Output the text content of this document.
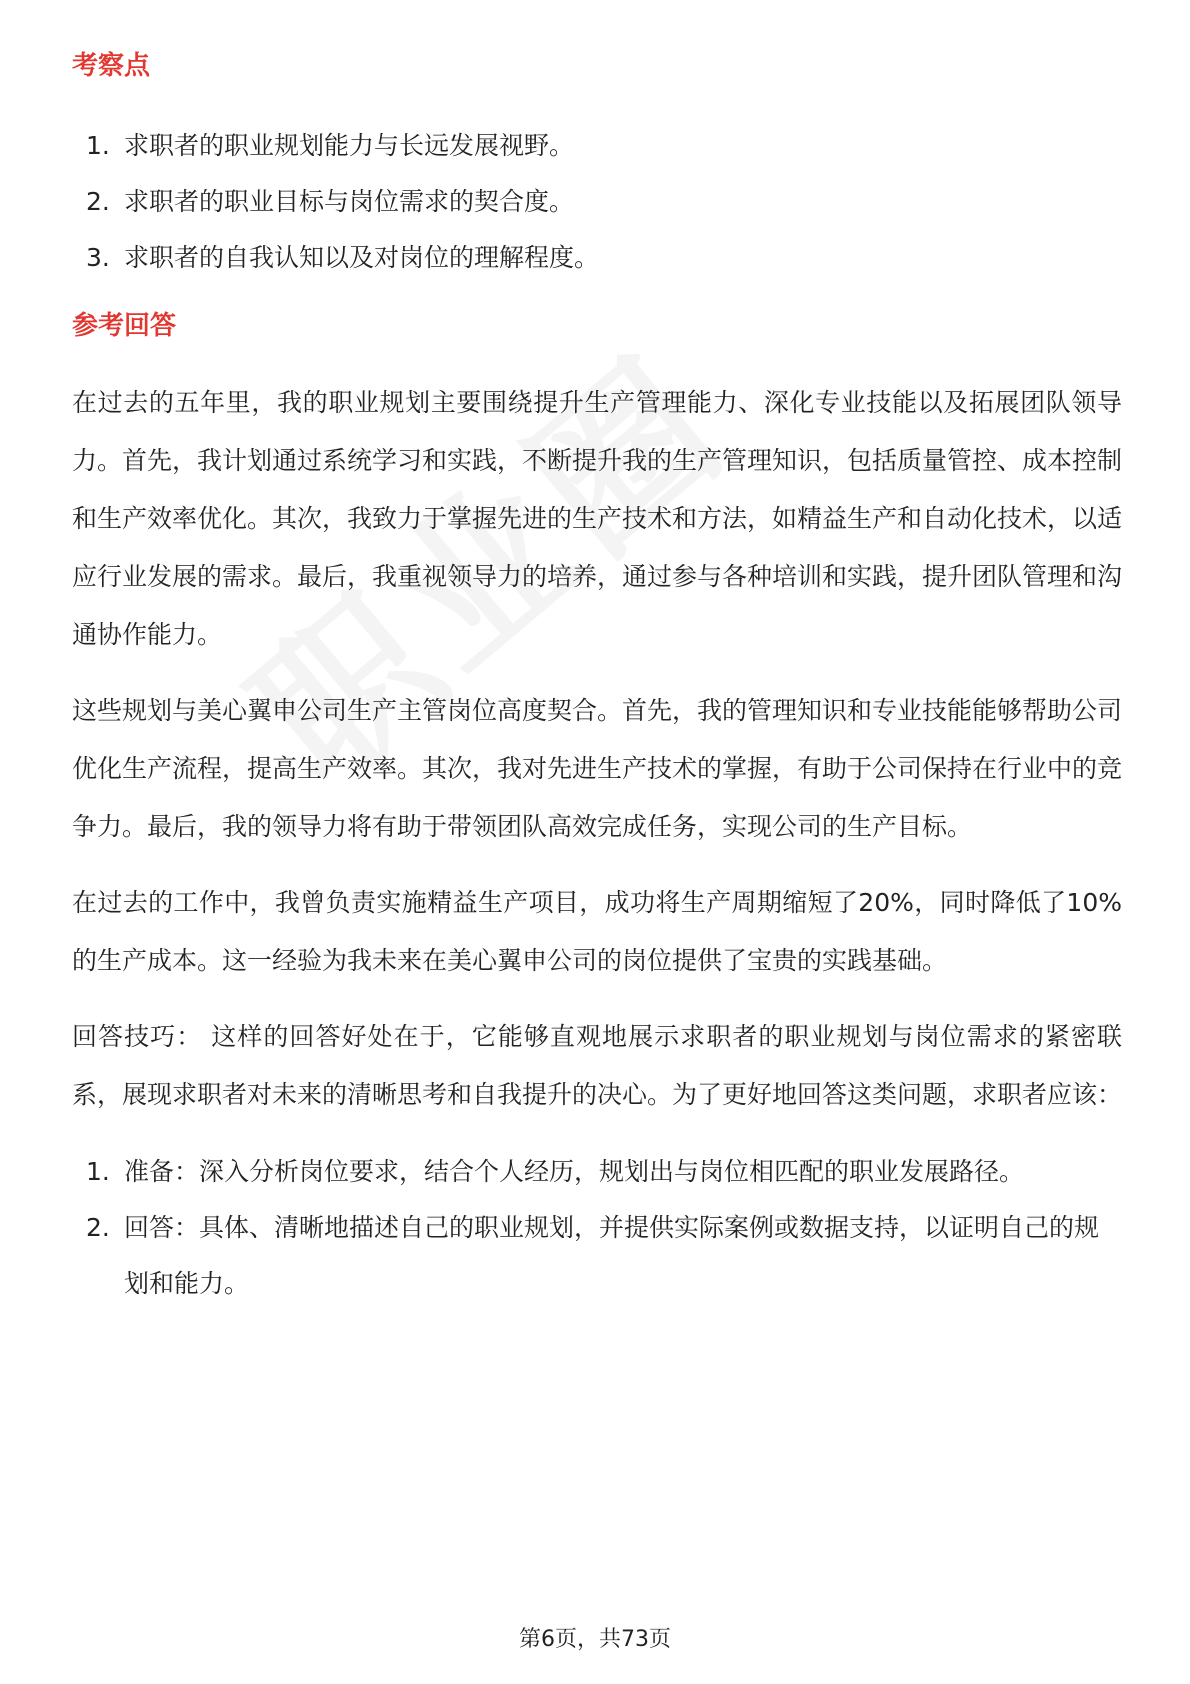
考察点
1. 求职者的职业规划能力与长远发展视野。
2. 求职者的职业目标与岗位需求的契合度。
3. 求职者的自我认知以及对岗位的理解程度。
参考回答

在过去的五年里，我的职业规划主要围绕提升生产管理能力、深化专业技能以及拓展团队领导力。首先，我计划通过系统学习和实践，不断提升我的生产管理知识，包括质量管控、成本控制和生产效率优化。其次，我致力于掌握先进的生产技术和方法，如精益生产和自动化技术，以适应行业发展的需求。最后，我重视领导力的培养，通过参与各种培训和实践，提升团队管理和沟通协作能力。

这些规划与美心翼申公司生产主管岗位高度契合。首先，我的管理知识和专业技能能够帮助公司优化生产流程，提高生产效率。其次，我对先进生产技术的掌握，有助于公司保持在行业中的竞争力。最后，我的领导力将有助于带领团队高效完成任务，实现公司的生产目标。

在过去的工作中，我曾负责实施精益生产项目，成功将生产周期缩短了20%，同时降低了10%的生产成本。这一经验为我未来在美心翼申公司的岗位提供了宝贵的实践基础。

回答技巧： 这样的回答好处在于，它能够直观地展示求职者的职业规划与岗位需求的紧密联系，展现求职者对未来的清晰思考和自我提升的决心。为了更好地回答这类问题，求职者应该：

1. 准备：深入分析岗位要求，结合个人经历，规划出与岗位相匹配的职业发展路径。
2. 回答：具体、清晰地描述自己的职业规划，并提供实际案例或数据支持，以证明自己的规划和能力。
第6页，共73页
